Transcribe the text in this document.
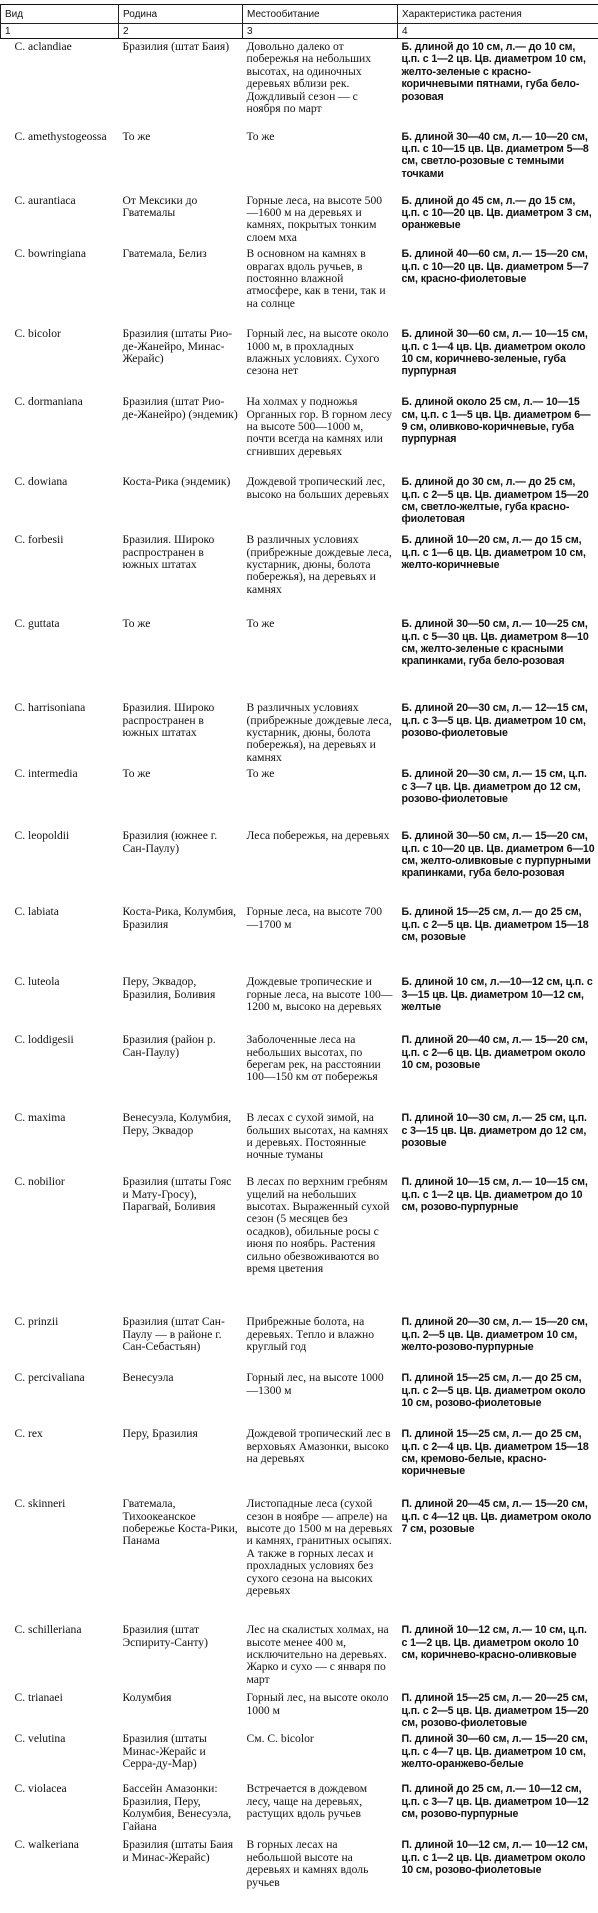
Вид	Родина	Местообитание	Характеристика растения
1	2	3	4
C. aclandiae	Бразилия (штат Баия)	Довольно далеко от побережья на небольших высотах, на одиночных деревьях вблизи рек. Дождливый сезон — с ноября по март	Б. длиной до 10 см, л.— до 10 см, ц.п. с 1—2 цв. Цв. диаметром 10 см, желто-зеленые с красно-коричневыми пятнами, губа бело-розовая
C. amethystogeossa	То же	То же	Б. длиной 30—40 см, л.— 10—20 см, ц.п. с 10—15 цв. Цв. диаметром 5—8 см, светло-розовые с темными точками
C. aurantiaca	От Мексики до Гватемалы	Горные леса, на высоте 500—1600 м на деревьях и камнях, покрытых тонким слоем мха	Б. длиной до 45 см, л.— до 15 см, ц.п. с 10—20 цв. Цв. диаметром 3 см, оранжевые
C. bowringiana	Гватемала, Белиз	В основном на камнях в оврагах вдоль ручьев, в постоянно влажной атмосфере, как в тени, так и на солнце	Б. длиной 40—60 см, л.— 15—20 см, ц.п. с 10—20 цв. Цв. диаметром 5—7 см, красно-фиолетовые
C. bicolor	Бразилия (штаты Рио-де-Жанейро, Минас-Жерайс)	Горный лес, на высоте около 1000 м, в прохладных влажных условиях. Сухого сезона нет	Б. длиной 30—60 см, л.— 10—15 см, ц.п. с 1—4 цв. Цв. диаметром около 10 см, коричнево-зеленые, губа пурпурная
C. dormaniana	Бразилия (штат Рио-де-Жанейро) (эндемик)	На холмах у подножья Органных гор. В горном лесу на высоте 500—1000 м, почти всегда на камнях или сгнивших деревьях	Б. длиной около 25 см, л.— 10—15 см, ц.п. с 1—5 цв. Цв. диаметром 6—9 см, оливково-коричневые, губа пурпурная
C. dowiana	Коста-Рика (эндемик)	Дождевой тропический лес, высоко на больших деревьях	Б. длиной до 30 см, л.— до 25 см, ц.п. с 2—5 цв. Цв. диаметром 15—20 см, светло-желтые, губа красно-фиолетовая
C. forbesii	Бразилия. Широко распространен в южных штатах	В различных условиях (прибрежные дождевые леса, кустарник, дюны, болота побережья), на деревьях и камнях	Б. длиной 10—20 см, л.— до 15 см, ц.п. с 1—6 цв. Цв. диаметром 10 см, желто-коричневые
C. guttata	То же	То же	Б. длиной 30—50 см, л.— 10—25 см, ц.п. с 5—30 цв. Цв. диаметром 8—10 см, желто-зеленые с красными крапинками, губа бело-розовая
C. harrisoniana	Бразилия. Широко распространен в южных штатах	В различных условиях (прибрежные дождевые леса, кустарник, дюны, болота побережья), на деревьях и камнях	Б. длиной 20—30 см, л.— 12—15 см, ц.п. с 3—5 цв. Цв. диаметром 10 см, розово-фиолетовые
C. intermedia	То же	То же	Б. длиной 20—30 см, л.— 15 см, ц.п. с 3—7 цв. Цв. диаметром до 12 см, розово-фиолетовые
C. leopoldii	Бразилия (южнее г. Сан-Паулу)	Леса побережья, на деревьях	Б. длиной 30—50 см, л.— 15—20 см, ц.п. с 10—20 цв. Цв. диаметром 6—10 см, желто-оливковые с пурпурными крапинками, губа бело-розовая
C. labiata	Коста-Рика, Колумбия, Бразилия	Горные леса, на высоте 700—1700 м	Б. длиной 15—25 см, л.— до 25 см, ц.п. с 2—5 цв. Цв. диаметром 15—18 см, розовые
C. luteola	Перу, Эквадор, Бразилия, Боливия	Дождевые тропические и горные леса, на высоте 100—1200 м, высоко на деревьях	Б. длиной 10 см, л.—10—12 см, ц.п. с 3—15 цв. Цв. диаметром 10—12 см, желтые
C. loddigesii	Бразилия (район р. Сан-Паулу)	Заболоченные леса на небольших высотах, по берегам рек, на расстоянии 100—150 км от побережья	П. длиной 20—40 см, л.— 15—20 см, ц.п. с 2—6 цв. Цв. диаметром около 10 см, розовые
C. maxima	Венесуэла, Колумбия, Перу, Эквадор	В лесах с сухой зимой, на больших высотах, на камнях и деревьях. Постоянные ночные туманы	П. длиной 10—30 см, л.— 25 см, ц.п. с 3—15 цв. Цв. диаметром до 12 см, розовые
C. nobilior	Бразилия (штаты Гояс и Мату-Гросу), Парагвай, Боливия	В лесах по верхним гребням ущелий на небольших высотах. Выраженный сухой сезон (5 месяцев без осадков), обильные росы с июня по ноябрь. Растения сильно обезвоживаются во время цветения	П. длиной 10—15 см, л.— 10—15 см, ц.п. с 1—2 цв. Цв. диаметром до 10 см, розово-пурпурные
C. prinzii	Бразилия (штат Сан-Паулу — в районе г. Сан-Себастьян)	Прибрежные болота, на деревьях. Тепло и влажно круглый год	П. длиной 20—30 см, л.— 15—20 см, ц.п. 2—5 цв. Цв. диаметром 10 см, желто-розово-пурпурные
C. percivaliana	Венесуэла	Горный лес, на высоте 1000—1300 м	П. длиной 15—25 см, л.— до 25 см, ц.п. с 2—5 цв. Цв. диаметром около 10 см, розово-фиолетовые
C. rex	Перу, Бразилия	Дождевой тропический лес в верховьях Амазонки, высоко на деревьях	П. длиной 15—25 см, л.— до 25 см, ц.п. с 2—4 цв. Цв. диаметром 15—18 см, кремово-белые, красно-коричневые
C. skinneri	Гватемала, Тихоокеанское побережье Коста-Рики, Панама	Листопадные леса (сухой сезон в ноябре — апреле) на высоте до 1500 м на деревьях и камнях, гранитных осыпях. А также в горных лесах и прохладных условиях без сухого сезона на высоких деревьях	П. длиной 20—45 см, л.— 15—20 см, ц.п. с 4—12 цв. Цв. диаметром около 7 см, розовые
C. schilleriana	Бразилия (штат Эспириту-Санту)	Лес на скалистых холмах, на высоте менее 400 м, исключительно на деревьях. Жарко и сухо — с января по март	П. длиной 10—12 см, л.— 10 см, ц.п. с 1—2 цв. Цв. диаметром около 10 см, коричнево-красно-оливковые
C. trianaei	Колумбия	Горный лес, на высоте около 1000 м	П. длиной 15—25 см, л.— 20—25 см, ц.п. с 2—5 цв. Цв. диаметром 15—20 см, розово-фиолетовые
C. velutina	Бразилия (штаты Минас-Жерайс и Серра-ду-Мар)	См. C. bicolor	П. длиной 30—60 см, л.— 15—20 см, ц.п. с 4—7 цв. Цв. диаметром 10 см, желто-оранжево-белые
C. violacea	Бассейн Амазонки: Бразилия, Перу, Колумбия, Венесуэла, Гайана	Встречается в дождевом лесу, чаще на деревьях, растущих вдоль ручьев	П. длиной до 25 см, л.— 10—12 см, ц.п. с 3—7 цв. Цв. диаметром 10—12 см, розово-пурпурные
C. walkeriana	Бразилия (штаты Баия и Минас-Жерайс)	В горных лесах на небольшой высоте на деревьях и камнях вдоль ручьев	П. длиной 10—12 см, л.— 10—12 см, ц.п. с 1—2 цв. Цв. диаметром около 10 см, розово-фиолетовые
